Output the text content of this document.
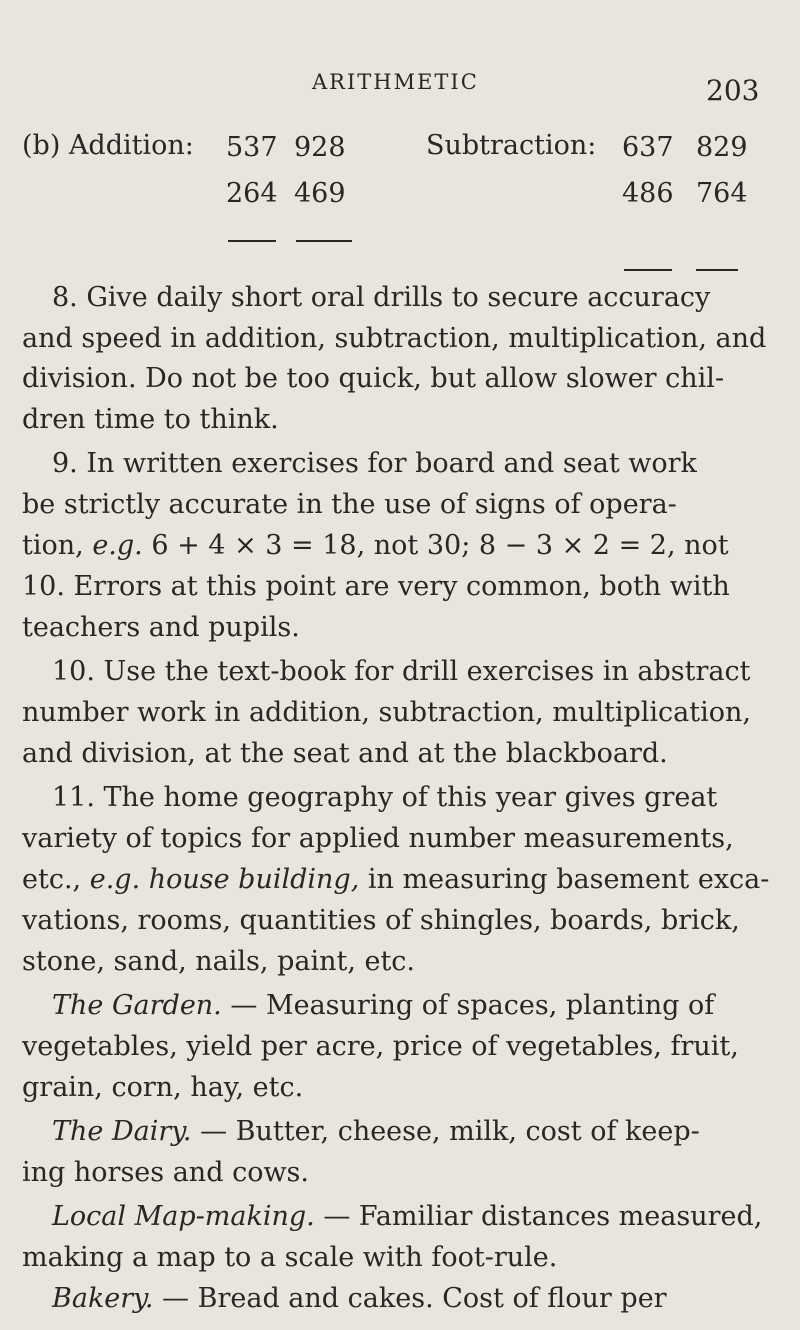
ARITHMETIC	203
(b) Addition: 537 928
264 469
Subtraction: 637 829
486 764
8. Give daily short oral drills to secure accuracy
and speed in addition, subtraction, multiplication, and
division. Do not be too quick, but allow slower chil-
dren time to think.
9. In written exercises for board and seat work
be strictly accurate in the use of signs of opera-
tion, e.g. 6 + 4 × 3 = 18, not 30; 8 − 3 × 2 = 2, not
10. Errors at this point are very common, both with
teachers and pupils.
10. Use the text-book for drill exercises in abstract
number work in addition, subtraction, multiplication,
and division, at the seat and at the blackboard.
11. The home geography of this year gives great
variety of topics for applied number measurements,
etc., e.g. house building, in measuring basement exca-
vations, rooms, quantities of shingles, boards, brick,
stone, sand, nails, paint, etc.
The Garden. — Measuring of spaces, planting of
vegetables, yield per acre, price of vegetables, fruit,
grain, corn, hay, etc.
The Dairy. — Butter, cheese, milk, cost of keep-
ing horses and cows.
Local Map-making. — Familiar distances measured,
making a map to a scale with foot-rule.
Bakery. — Bread and cakes. Cost of flour per
